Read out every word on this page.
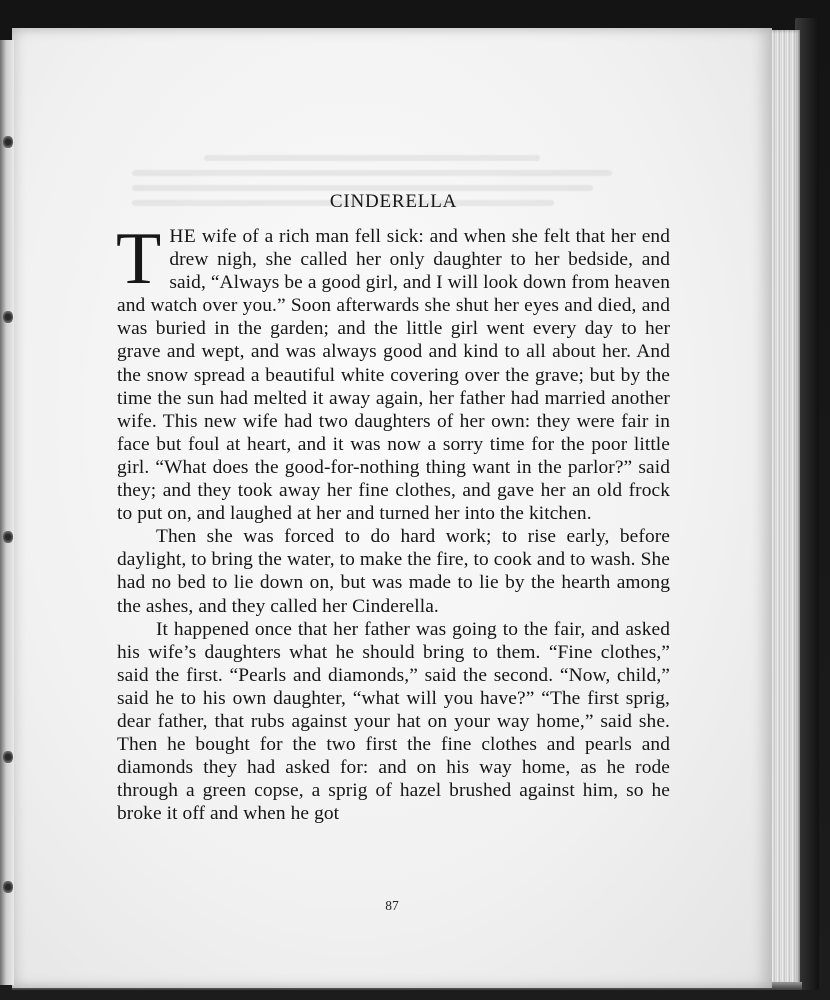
87
CINDERELLA

THE wife of a rich man fell sick: and when she felt that her end drew nigh, she called her only daughter to her bedside, and said, “Always be a good girl, and I will look down from heaven and watch over you.” Soon afterwards she shut her eyes and died, and was buried in the garden; and the little girl went every day to her grave and wept, and was always good and kind to all about her. And the snow spread a beautiful white covering over the grave; but by the time the sun had melted it away again, her father had married another wife. This new wife had two daughters of her own: they were fair in face but foul at heart, and it was now a sorry time for the poor little girl. “What does the good-for-nothing thing want in the parlor?” said they; and they took away her fine clothes, and gave her an old frock to put on, and laughed at her and turned her into the kitchen.

Then she was forced to do hard work; to rise early, before daylight, to bring the water, to make the fire, to cook and to wash. She had no bed to lie down on, but was made to lie by the hearth among the ashes, and they called her Cinderella.

It happened once that her father was going to the fair, and asked his wife’s daughters what he should bring to them. “Fine clothes,” said the first. “Pearls and diamonds,” said the second. “Now, child,” said he to his own daughter, “what will you have?” “The first sprig, dear father, that rubs against your hat on your way home,” said she. Then he bought for the two first the fine clothes and pearls and diamonds they had asked for: and on his way home, as he rode through a green copse, a sprig of hazel brushed against him, so he broke it off and when he got
